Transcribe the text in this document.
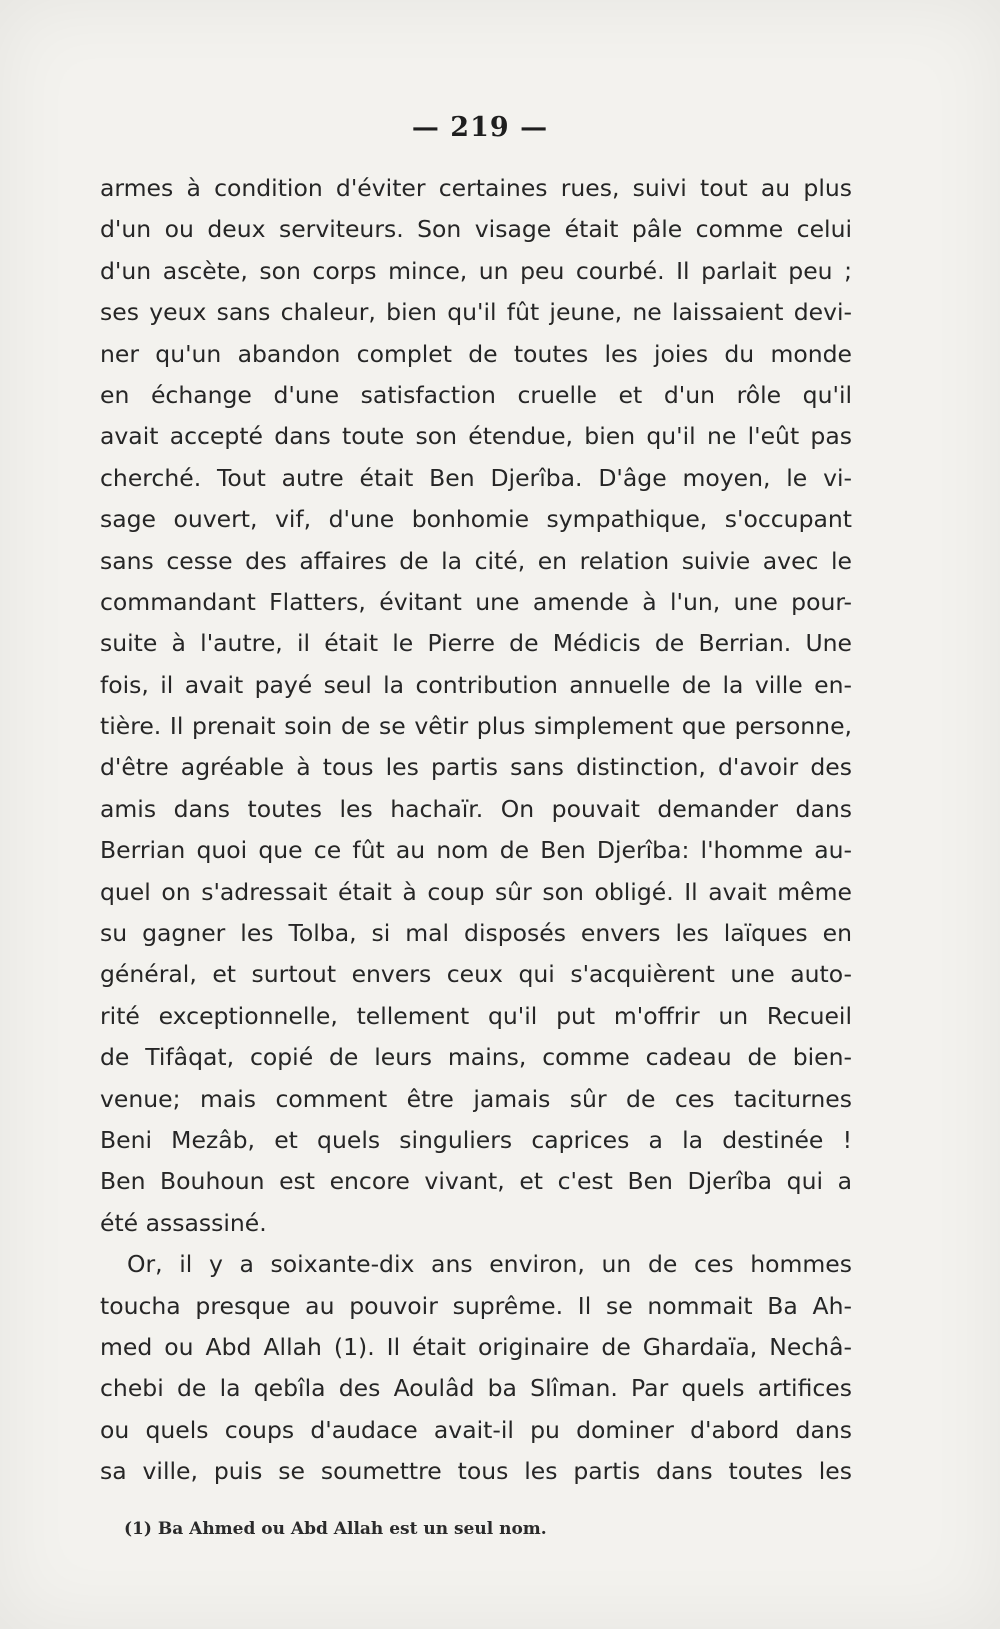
— 219 —
armes à condition d'éviter certaines rues, suivi tout au plus
d'un ou deux serviteurs. Son visage était pâle comme celui
d'un ascète, son corps mince, un peu courbé. Il parlait peu ;
ses yeux sans chaleur, bien qu'il fût jeune, ne laissaient devi-
ner qu'un abandon complet de toutes les joies du monde
en échange d'une satisfaction cruelle et d'un rôle qu'il
avait accepté dans toute son étendue, bien qu'il ne l'eût pas
cherché. Tout autre était Ben Djerîba. D'âge moyen, le vi-
sage ouvert, vif, d'une bonhomie sympathique, s'occupant
sans cesse des affaires de la cité, en relation suivie avec le
commandant Flatters, évitant une amende à l'un, une pour-
suite à l'autre, il était le Pierre de Médicis de Berrian. Une
fois, il avait payé seul la contribution annuelle de la ville en-
tière. Il prenait soin de se vêtir plus simplement que personne,
d'être agréable à tous les partis sans distinction, d'avoir des
amis dans toutes les hachaïr. On pouvait demander dans
Berrian quoi que ce fût au nom de Ben Djerîba: l'homme au-
quel on s'adressait était à coup sûr son obligé. Il avait même
su gagner les Tolba, si mal disposés envers les laïques en
général, et surtout envers ceux qui s'acquièrent une auto-
rité exceptionnelle, tellement qu'il put m'offrir un Recueil
de Tifâqat, copié de leurs mains, comme cadeau de bien-
venue; mais comment être jamais sûr de ces taciturnes
Beni Mezâb, et quels singuliers caprices a la destinée !
Ben Bouhoun est encore vivant, et c'est Ben Djerîba qui a
été assassiné.
Or, il y a soixante-dix ans environ, un de ces hommes
toucha presque au pouvoir suprême. Il se nommait Ba Ah-
med ou Abd Allah (1). Il était originaire de Ghardaïa, Nechâ-
chebi de la qebîla des Aoulâd ba Slîman. Par quels artifices
ou quels coups d'audace avait-il pu dominer d'abord dans
sa ville, puis se soumettre tous les partis dans toutes les
(1) Ba Ahmed ou Abd Allah est un seul nom.
